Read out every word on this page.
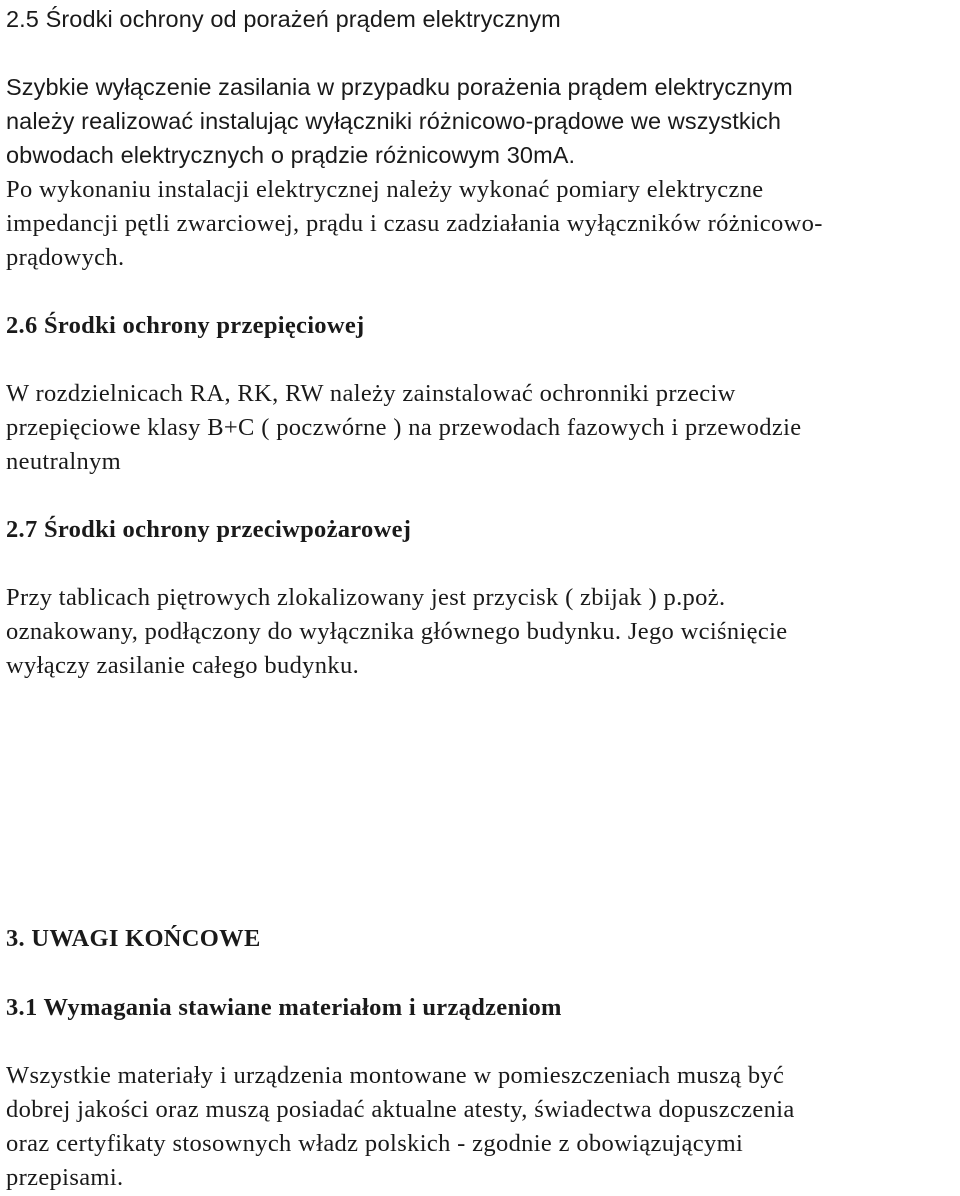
2.5 Środki ochrony od porażeń prądem elektrycznym

Szybkie wyłączenie zasilania w przypadku porażenia prądem elektrycznym
należy realizować instalując wyłączniki różnicowo-prądowe we wszystkich
obwodach elektrycznych o prądzie różnicowym 30mA.

Po wykonaniu instalacji elektrycznej należy wykonać pomiary elektryczne
impedancji pętli zwarciowej, prądu i czasu zadziałania wyłączników różnicowo-
prądowych.

2.6 Środki ochrony przepięciowej

W rozdzielnicach RA, RK, RW należy zainstalować ochronniki przeciw
przepięciowe klasy B+C ( poczwórne ) na przewodach fazowych i przewodzie
neutralnym

2.7 Środki ochrony przeciwpożarowej

Przy tablicach piętrowych zlokalizowany jest przycisk ( zbijak ) p.poż.
oznakowany, podłączony do wyłącznika głównego budynku. Jego wciśnięcie
wyłączy zasilanie całego budynku.

3. UWAGI KOŃCOWE
3.1 Wymagania stawiane materiałom i urządzeniom

Wszystkie materiały i urządzenia montowane w pomieszczeniach muszą być
dobrej jakości oraz muszą posiadać aktualne atesty, świadectwa dopuszczenia
oraz certyfikaty stosownych władz polskich - zgodnie z obowiązującymi
przepisami.
